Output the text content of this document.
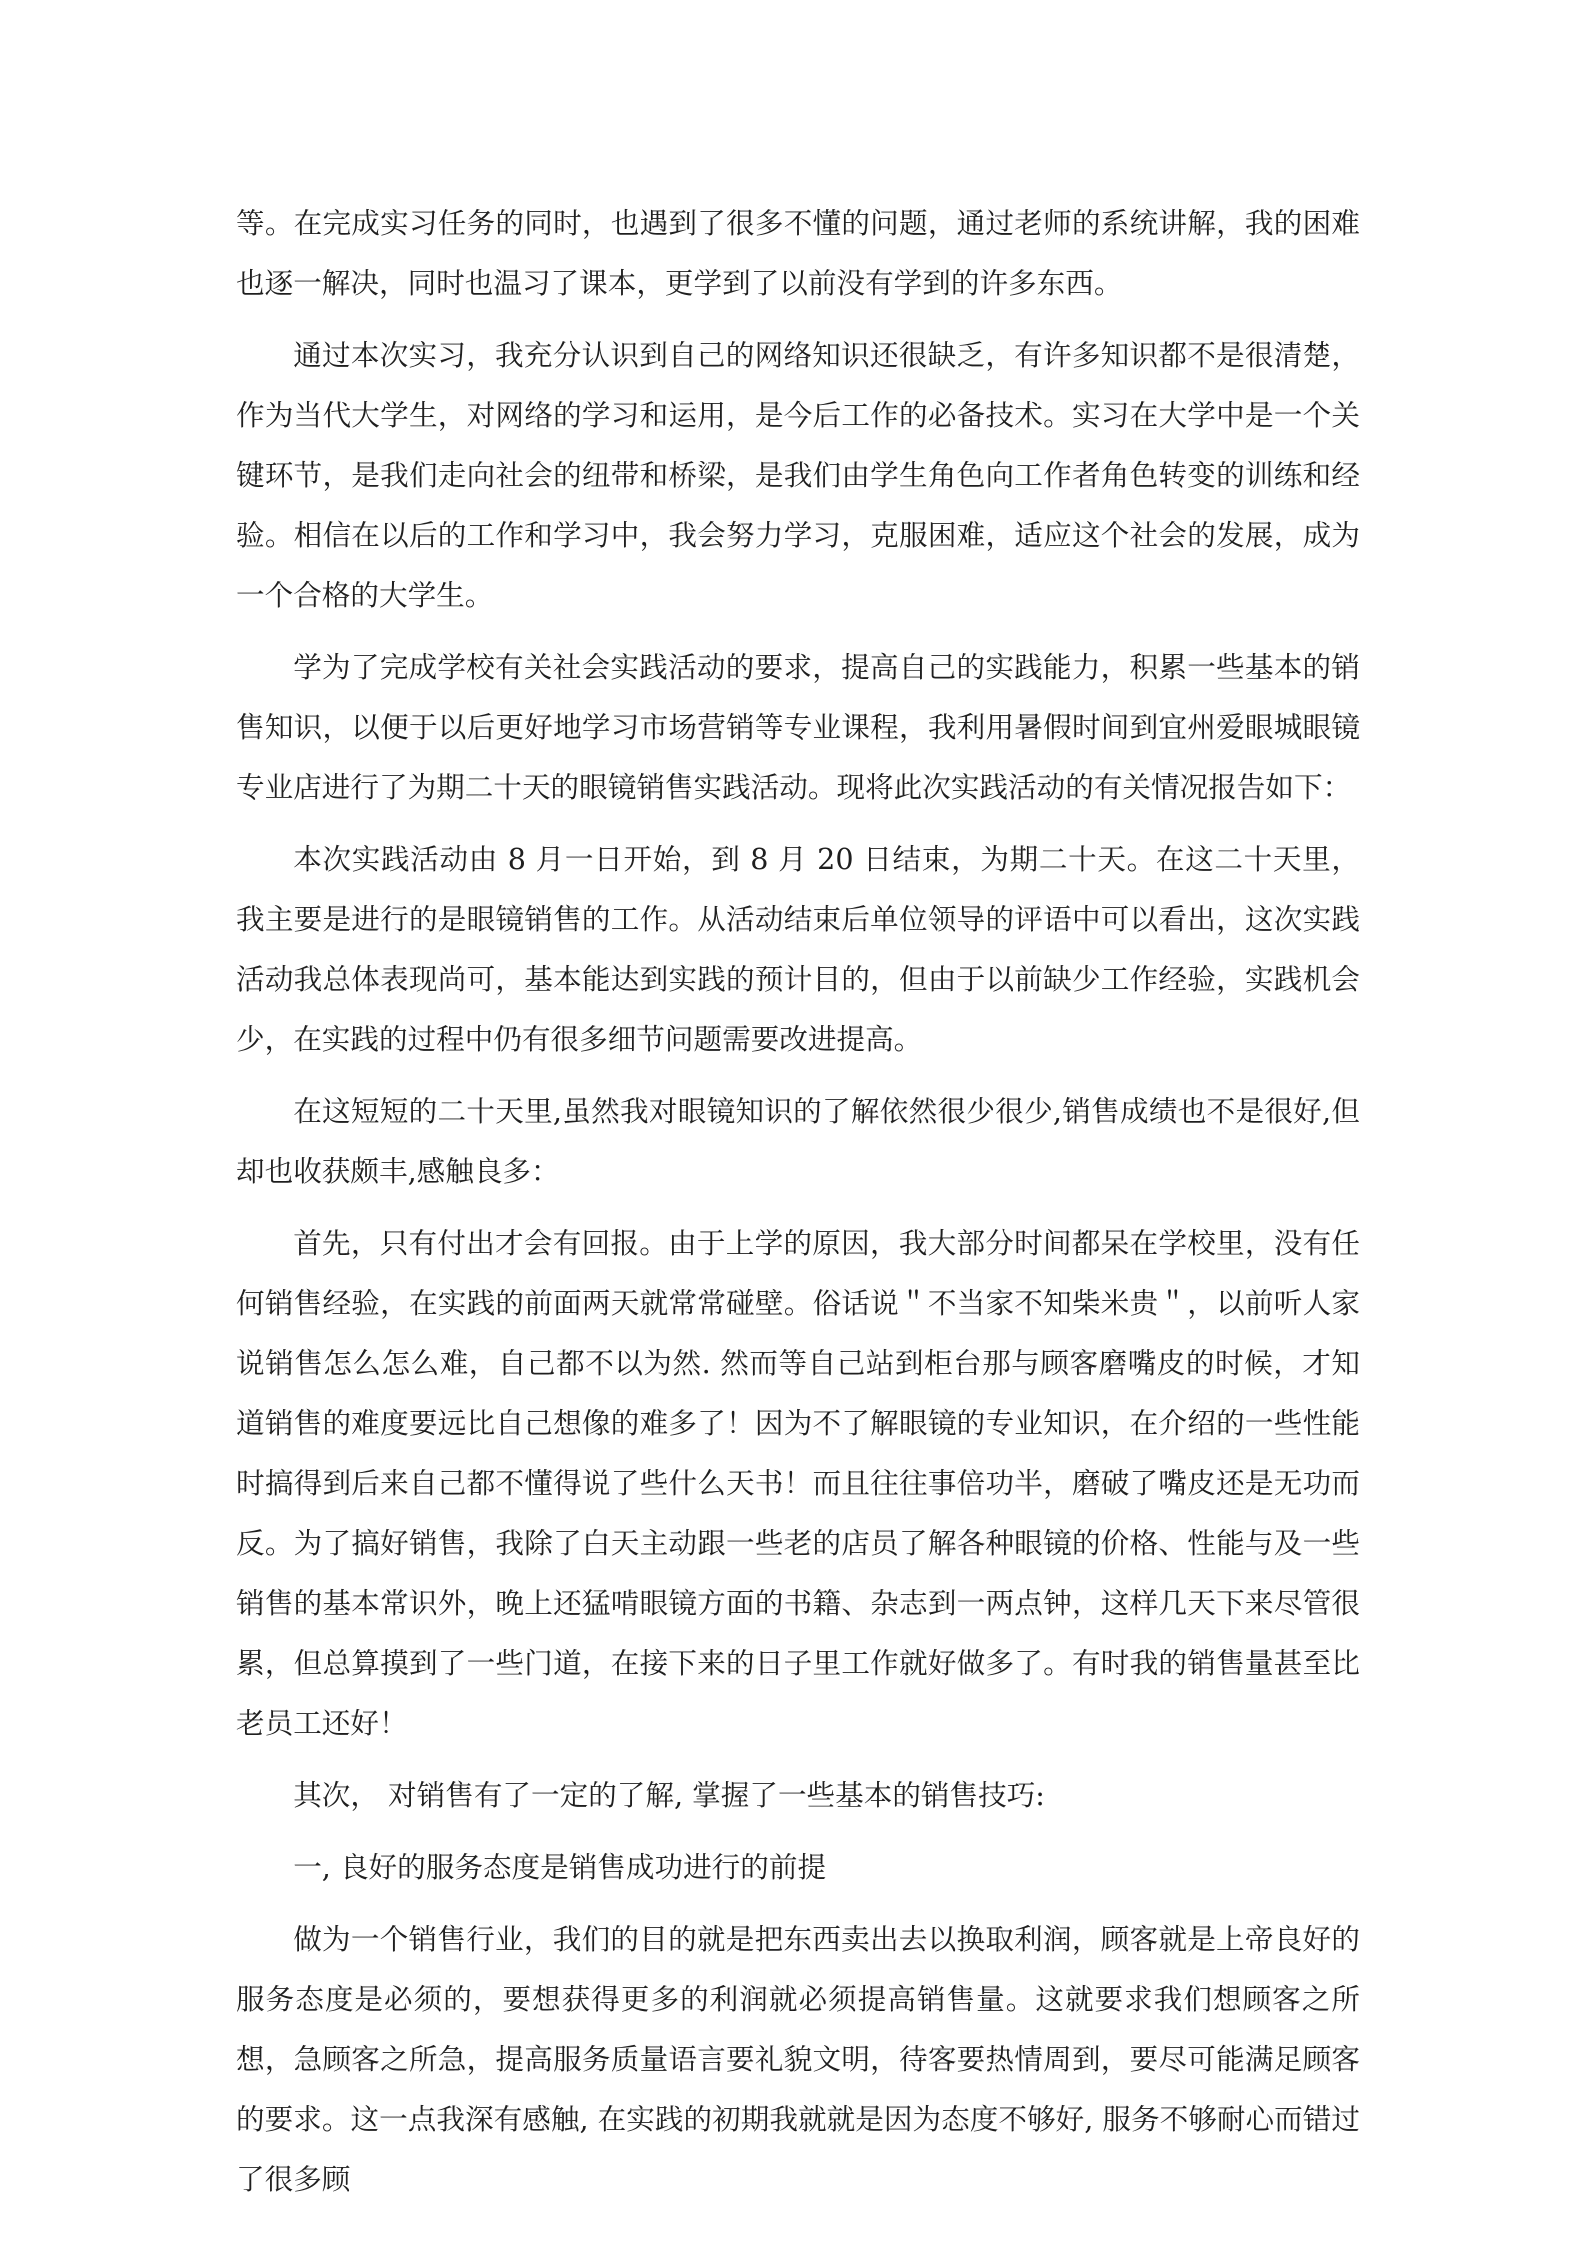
等。在完成实习任务的同时，也遇到了很多不懂的问题，通过老师的系统讲解，我的困难也逐一解决，同时也温习了课本，更学到了以前没有学到的许多东西。

通过本次实习，我充分认识到自己的网络知识还很缺乏，有许多知识都不是很清楚，作为当代大学生，对网络的学习和运用，是今后工作的必备技术。实习在大学中是一个关键环节，是我们走向社会的纽带和桥梁，是我们由学生角色向工作者角色转变的训练和经验。相信在以后的工作和学习中，我会努力学习，克服困难，适应这个社会的发展，成为一个合格的大学生。

学为了完成学校有关社会实践活动的要求，提高自己的实践能力，积累一些基本的销售知识，以便于以后更好地学习市场营销等专业课程，我利用暑假时间到宜州爱眼城眼镜专业店进行了为期二十天的眼镜销售实践活动。现将此次实践活动的有关情况报告如下：

本次实践活动由 8 月一日开始，到 8 月 20 日结束，为期二十天。在这二十天里，我主要是进行的是眼镜销售的工作。从活动结束后单位领导的评语中可以看出，这次实践活动我总体表现尚可，基本能达到实践的预计目的，但由于以前缺少工作经验，实践机会少，在实践的过程中仍有很多细节问题需要改进提高。

在这短短的二十天里,虽然我对眼镜知识的了解依然很少很少,销售成绩也不是很好,但却也收获颇丰,感触良多：

首先，只有付出才会有回报。由于上学的原因，我大部分时间都呆在学校里，没有任何销售经验，在实践的前面两天就常常碰壁。俗话说＂不当家不知柴米贵＂，以前听人家说销售怎么怎么难，自己都不以为然. 然而等自己站到柜台那与顾客磨嘴皮的时候，才知道销售的难度要远比自己想像的难多了！因为不了解眼镜的专业知识，在介绍的一些性能时搞得到后来自己都不懂得说了些什么天书！而且往往事倍功半，磨破了嘴皮还是无功而反。为了搞好销售，我除了白天主动跟一些老的店员了解各种眼镜的价格、性能与及一些销售的基本常识外，晚上还猛啃眼镜方面的书籍、杂志到一两点钟，这样几天下来尽管很累，但总算摸到了一些门道，在接下来的日子里工作就好做多了。有时我的销售量甚至比老员工还好！

其次， 对销售有了一定的了解, 掌握了一些基本的销售技巧:

一, 良好的服务态度是销售成功进行的前提

做为一个销售行业，我们的目的就是把东西卖出去以换取利润，顾客就是上帝良好的服务态度是必须的，要想获得更多的利润就必须提高销售量。这就要求我们想顾客之所想，急顾客之所急，提高服务质量语言要礼貌文明，待客要热情周到，要尽可能满足顾客的要求。这一点我深有感触, 在实践的初期我就就是因为态度不够好, 服务不够耐心而错过了很多顾
